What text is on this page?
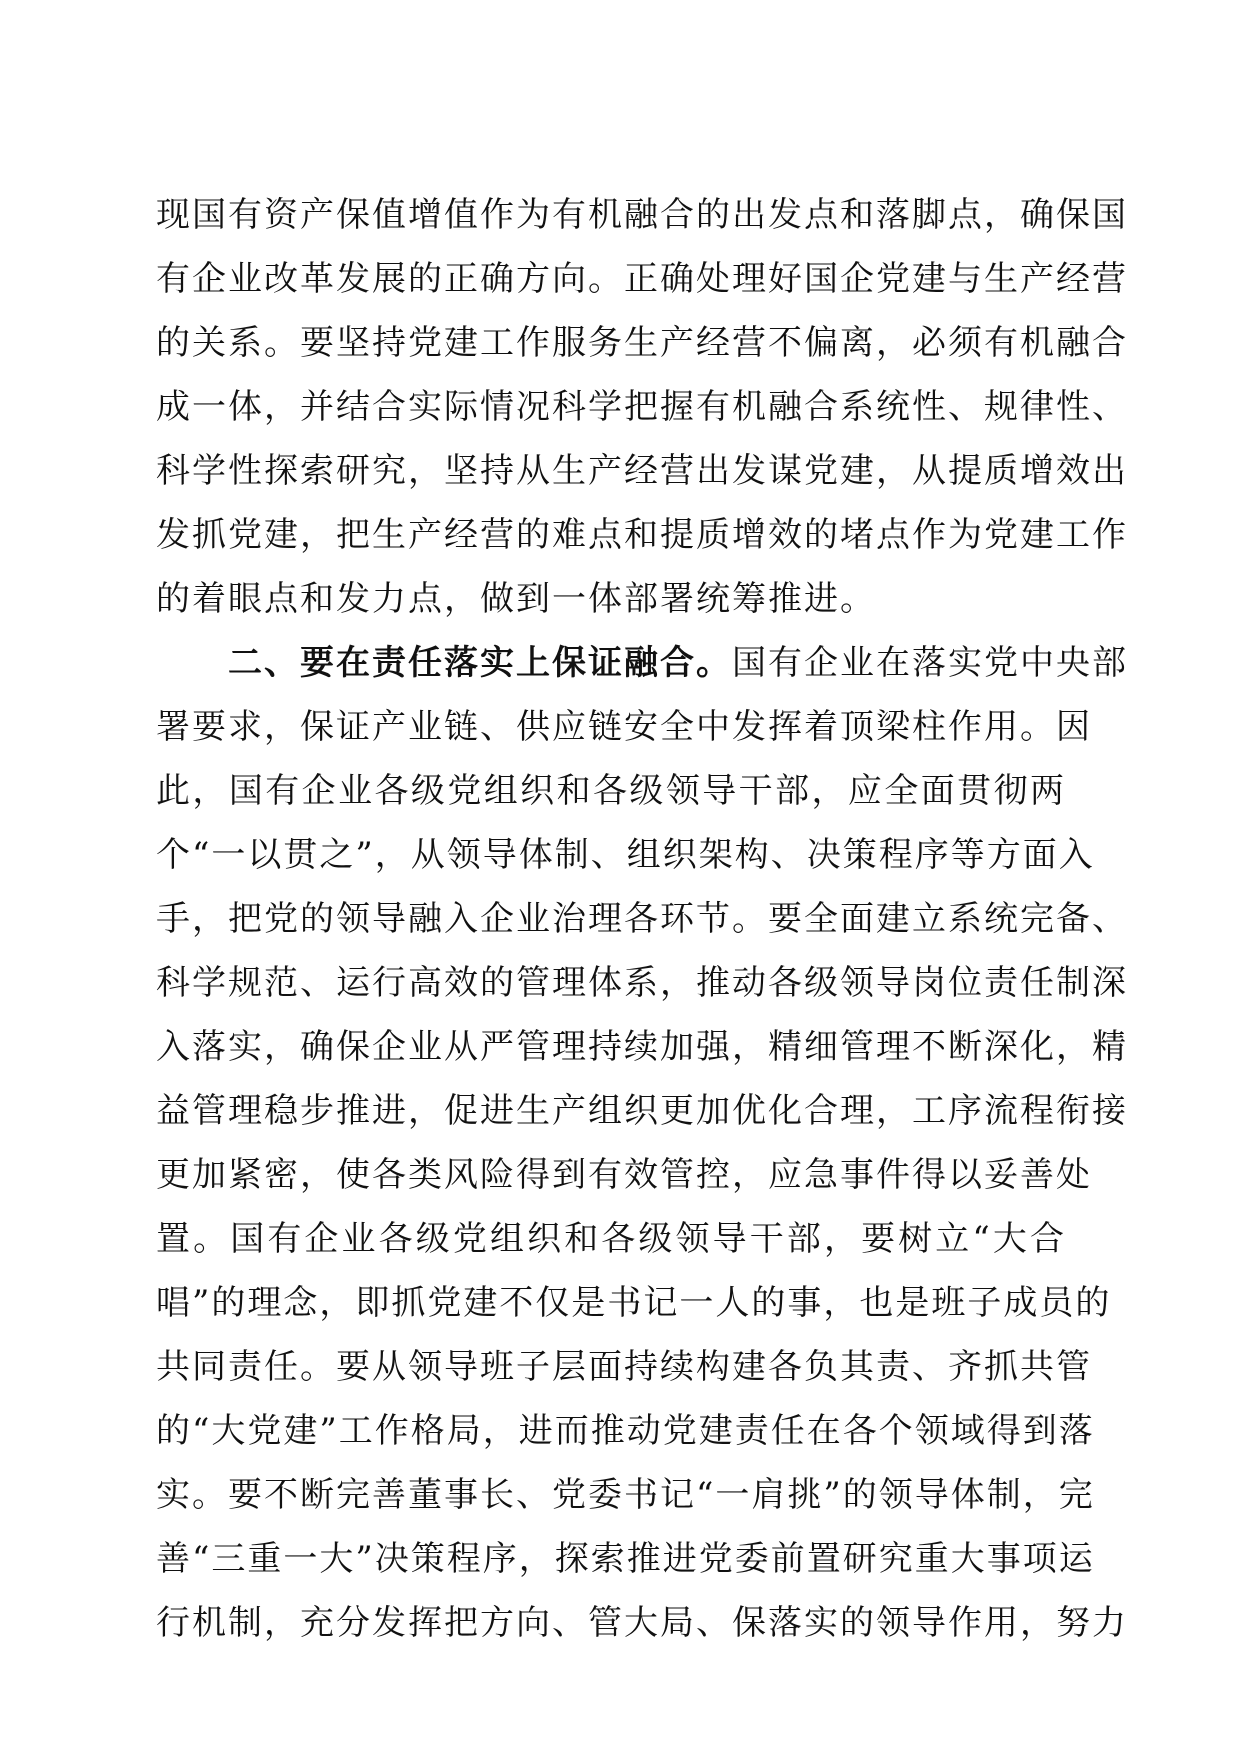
现国有资产保值增值作为有机融合的出发点和落脚点，确保国
有企业改革发展的正确方向。正确处理好国企党建与生产经营
的关系。要坚持党建工作服务生产经营不偏离，必须有机融合
成一体，并结合实际情况科学把握有机融合系统性、规律性、
科学性探索研究，坚持从生产经营出发谋党建，从提质增效出
发抓党建，把生产经营的难点和提质增效的堵点作为党建工作
的着眼点和发力点，做到一体部署统筹推进。
二、要在责任落实上保证融合。国有企业在落实党中央部
署要求，保证产业链、供应链安全中发挥着顶梁柱作用。因
此，国有企业各级党组织和各级领导干部，应全面贯彻两
个“一以贯之”，从领导体制、组织架构、决策程序等方面入
手，把党的领导融入企业治理各环节。要全面建立系统完备、
科学规范、运行高效的管理体系，推动各级领导岗位责任制深
入落实，确保企业从严管理持续加强，精细管理不断深化，精
益管理稳步推进，促进生产组织更加优化合理，工序流程衔接
更加紧密，使各类风险得到有效管控，应急事件得以妥善处
置。国有企业各级党组织和各级领导干部，要树立“大合
唱”的理念，即抓党建不仅是书记一人的事，也是班子成员的
共同责任。要从领导班子层面持续构建各负其责、齐抓共管
的“大党建”工作格局，进而推动党建责任在各个领域得到落
实。要不断完善董事长、党委书记“一肩挑”的领导体制，完
善“三重一大”决策程序，探索推进党委前置研究重大事项运
行机制，充分发挥把方向、管大局、保落实的领导作用，努力
